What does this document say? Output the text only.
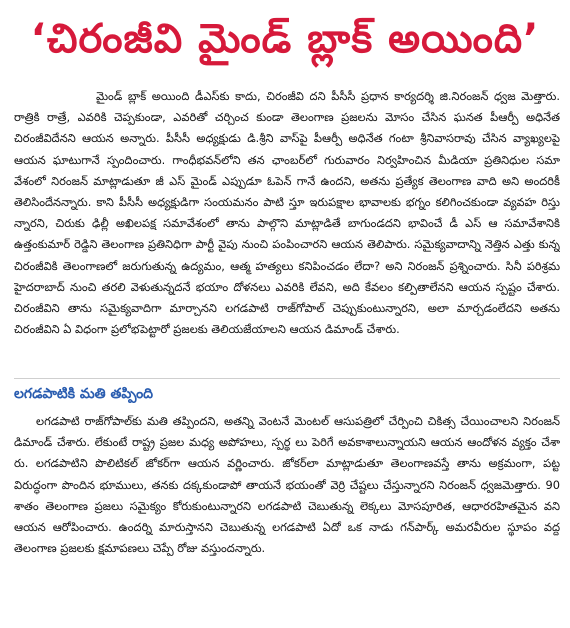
‘చిరంజీవి మైండ్ బ్లాక్ అయింది’

మైండ్ బ్లాక్ అయింది డీఎస్‌కు కాదు, చిరంజీవి దని పీసీసీ ప్రధాన కార్యదర్శి జి.నిరంజన్ ధ్వజ మెత్తారు. రాత్రికి రాత్రే, ఎవరికి చెప్పకుండా, ఎవరితో చర్చించ కుండా తెలంగాణ ప్రజలను మోసం చేసిన ఘనత పీఆర్పీ అధినేత చిరంజీవిదేనని ఆయన అన్నారు. పీసీసీ అధ్యక్షుడు డి.శ్రీని వాస్‌పై పీఆర్పీ అధినేత గంటా శ్రీనివాసరావు చేసిన వ్యాఖ్యలపై ఆయన ఘాటుగానే స్పందించారు. గాంధీభవన్‌లోని తన ఛాంబర్‌లో గురువారం నిర్వహించిన మీడియా ప్రతినిధుల సమా వేశంలో నిరంజన్ మాట్లాడుతూ జీ ఎస్ మైండ్ ఎప్పుడూ ఓపెన్ గానే ఉందని, అతను ప్రత్యేక తెలంగాణ వాది అని అందరికీ తెలిసిందేనన్నారు. కాని పీసీసీ అధ్యక్షుడిగా సంయమనం పాటి స్తూ ఇరుపక్షాల భావాలకు భగ్నం కలిగించకుండా వ్యవహ రిస్తు న్నారని, చిరుకు ఢిల్లీ అఖిలపక్ష సమావేశంలో తాను పాల్గొని మాట్లాడితే బాగుండదని భావించే డీ ఎస్ ఆ సమావేశానికి ఉత్తంకుమార్ రెడ్డిని తెలంగాణ ప్రతినిధిగా పార్టీ వైపు నుంచి పంపించారని ఆయన తెలిపారు. సమైక్యవాదాన్ని నెత్తిన ఎత్తు కున్న చిరంజీవికి తెలంగాణలో జరుగుతున్న ఉద్యమం, ఆత్మ హత్యలు కనిపించడం లేదా? అని నిరంజన్ ప్రశ్నించారు. సినీ పరిశ్రమ హైదరాబాద్ నుంచి తరలి వెళుతున్నదనే భయాం దోళనలు ఎవరికి లేవని, అది కేవలం కల్పితాలేనని ఆయన స్పష్టం చేశారు. చిరంజీవిని తాను సమైక్యవాదిగా మార్చానని లగడపాటి రాజ్‌గోపాల్ చెప్పుకుంటున్నారని, అలా మార్చడంలేదని అతను చిరంజీవిని ఏ విధంగా ప్రలోభపెట్టారో ప్రజలకు తెలియజేయాలని ఆయన డిమాండ్ చేశారు.

లగడపాటికి మతి తప్పింది

లగడపాటి రాజ్‌గోపాల్‌కు మతి తప్పిందని, అతన్ని వెంటనే మెంటల్ ఆసుపత్రిలో చేర్పించి చికిత్స చేయించాలని నిరంజన్ డిమాండ్ చేశారు. లేకుంటే రాష్ట్ర ప్రజల మధ్య అపోహలు, స్పర్థ లు పెరిగే అవకాశాలున్నాయని ఆయన ఆందోళన వ్యక్తం చేశా రు. లగడపాటిని పొలిటికల్ జోకర్‌గా ఆయన వర్ణించారు. జోకర్‌లా మాట్లాడుతూ తెలంగాణవస్తే తాను అక్రమంగా, పట్ట విరుద్ధంగా పొందిన భూములు, తనకు దక్కకుండాపో తాయనే భయంతో వెర్రి చేష్టలు చేస్తున్నారని నిరంజన్ ధ్వజమెత్తారు. 90 శాతం తెలంగాణ ప్రజలు సమైక్యం కోరుకుంటున్నారని లగడపాటి చెబుతున్న లెక్కలు మోసపూరిత, ఆధారరహితమైన వని ఆయన ఆరోపించారు. ఉందర్ని మారుస్తానని చెబుతున్న లగడపాటి ఏదో ఒక నాడు గన్‌పార్క్ అమరవీరుల స్థూపం వద్ద తెలంగాణ ప్రజలకు క్షమాపణలు చెప్పే రోజు వస్తుందన్నారు.
